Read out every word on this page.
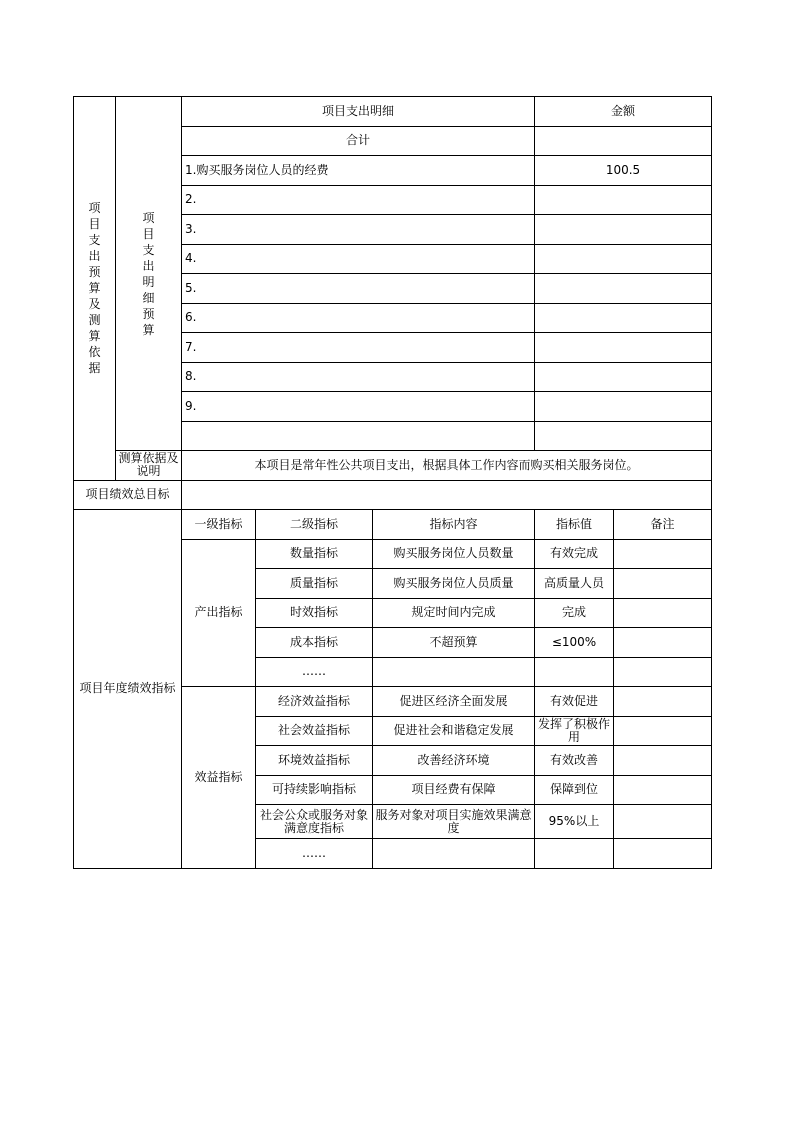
项目支出预算及测算依据	项目支出明细预算	项目支出明细			金额	
		合计				
		1.购买服务岗位人员的经费			100.5	
		2.				
		3.				
		4.				
		5.				
		6.				
		7.				
		8.				
		9.				

	测算依据及说明	本项目是常年性公共项目支出，根据具体工作内容而购买相关服务岗位。				
项目绩效总目标						
项目年度绩效指标		一级指标	二级指标	指标内容	指标值	备注
		产出指标	数量指标	购买服务岗位人员数量	有效完成	
			质量指标	购买服务岗位人员质量	高质量人员	
			时效指标	规定时间内完成	完成	
			成本指标	不超预算	≤100%	
			……			
		效益指标	经济效益指标	促进区经济全面发展	有效促进	
			社会效益指标	促进社会和谐稳定发展	发挥了积极作用	
			环境效益指标	改善经济环境	有效改善	
			可持续影响指标	项目经费有保障	保障到位	
			社会公众或服务对象满意度指标	服务对象对项目实施效果满意度	95%以上	
			……			
